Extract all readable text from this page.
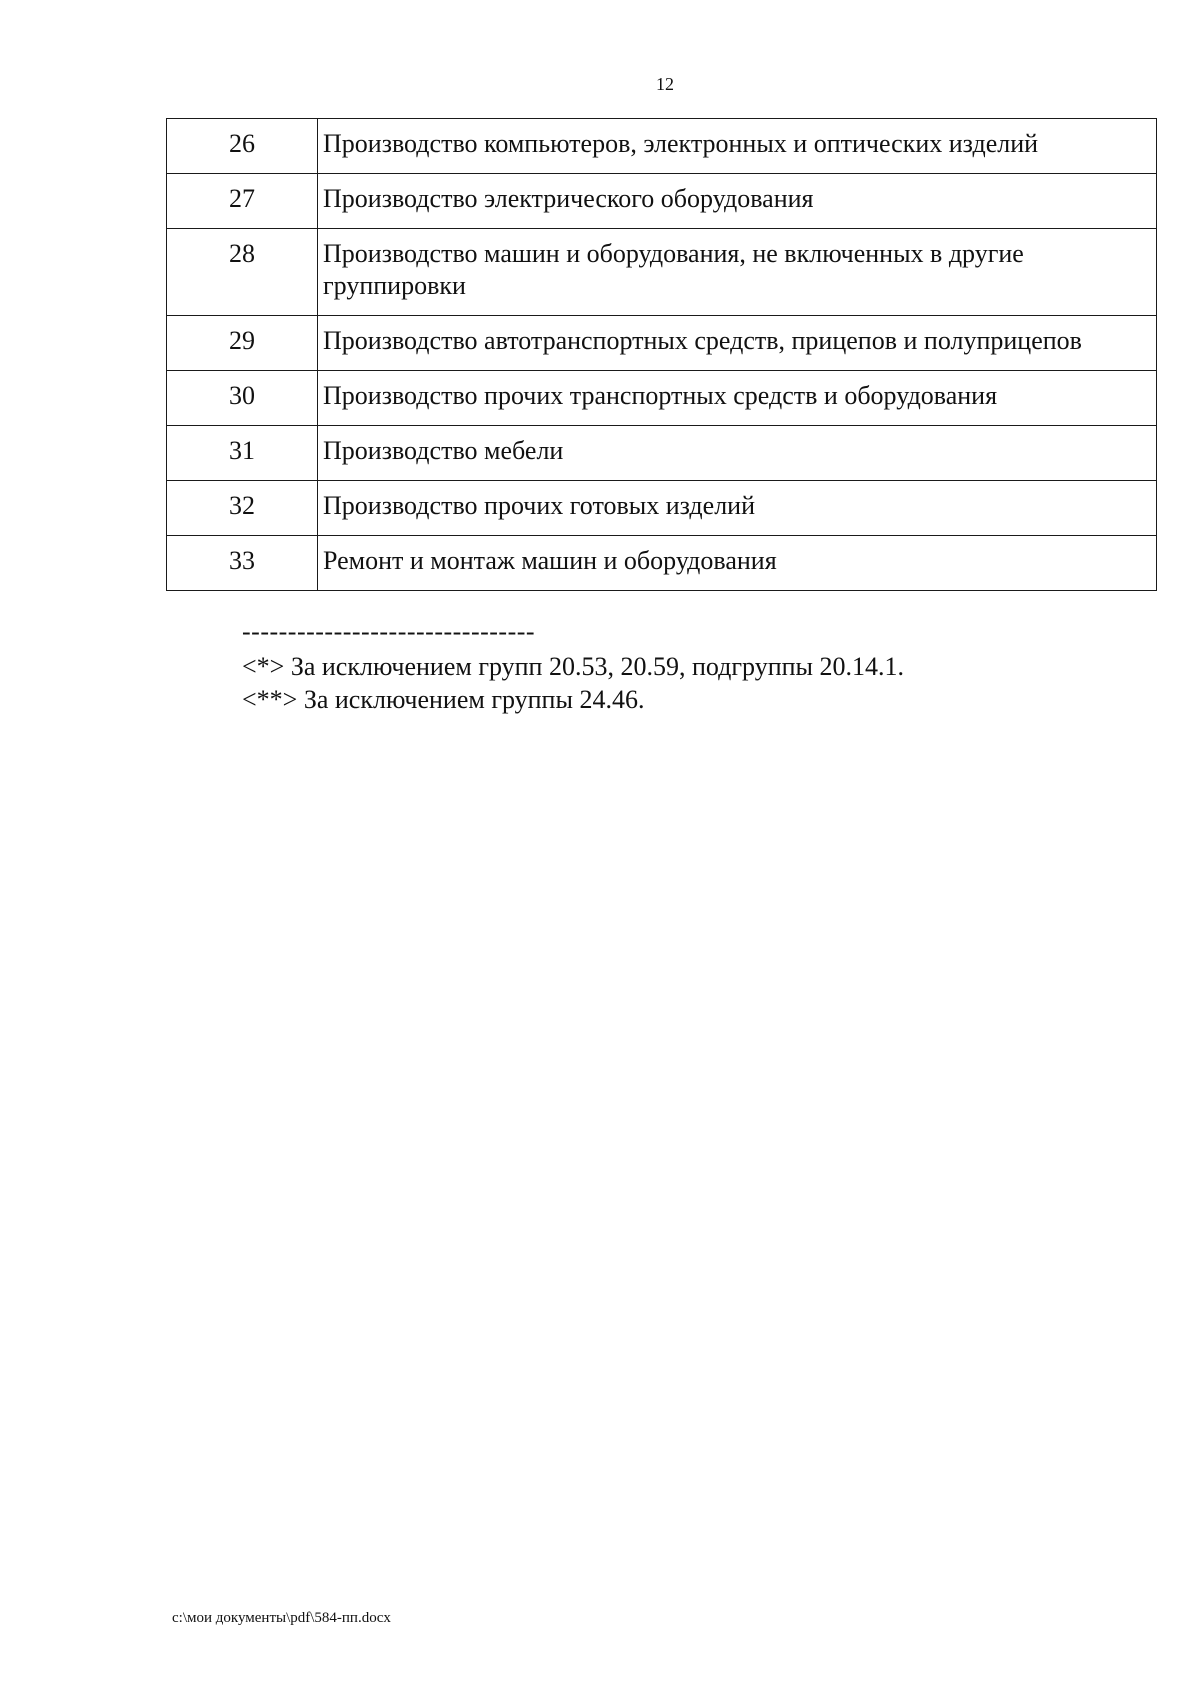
12
26	Производство компьютеров, электронных и оптических изделий
27	Производство электрического оборудования
28	Производство машин и оборудования, не включенных в другие группировки
29	Производство автотранспортных средств, прицепов и полуприцепов
30	Производство прочих транспортных средств и оборудования
31	Производство мебели
32	Производство прочих готовых изделий
33	Ремонт и монтаж машин и оборудования
--------------------------------
<*> За исключением групп 20.53, 20.59, подгруппы 20.14.1.
<**> За исключением группы 24.46.
c:\мои документы\pdf\584-пп.docx
